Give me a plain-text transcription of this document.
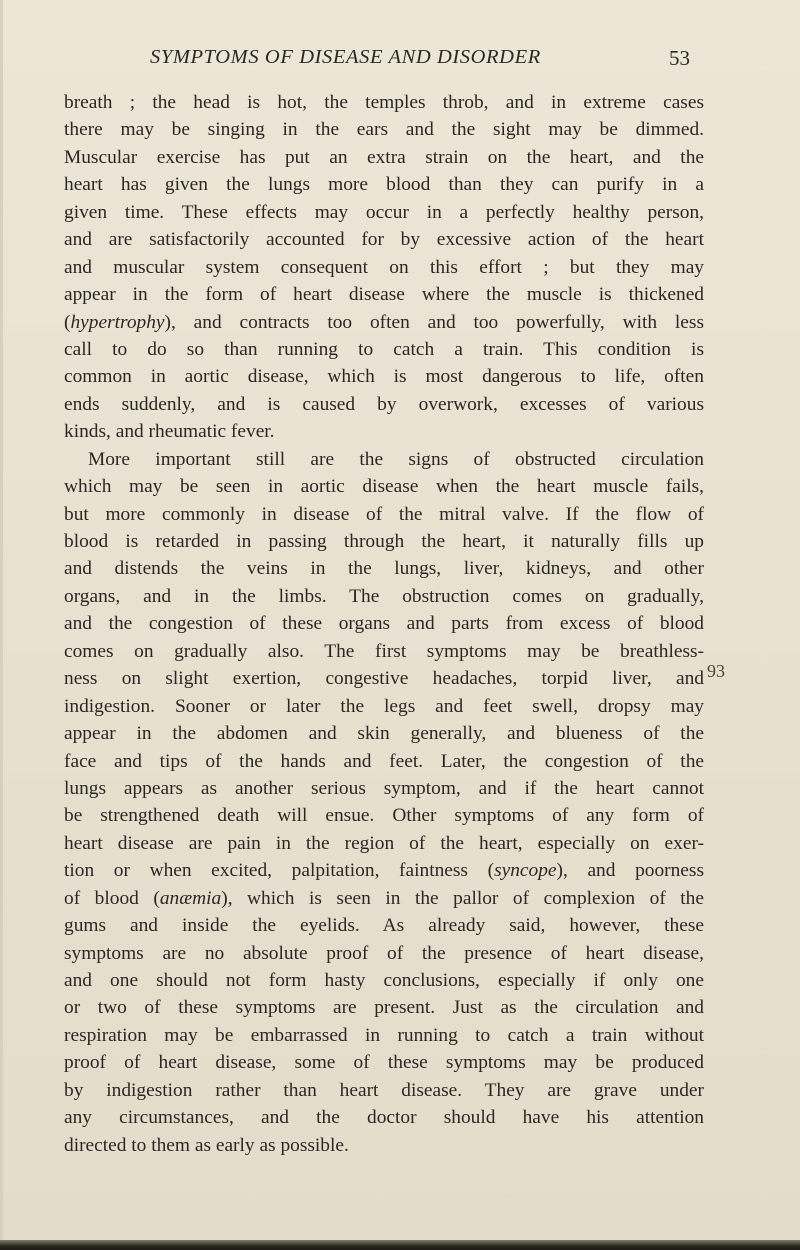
SYMPTOMS OF DISEASE AND DISORDER	53
breath ; the head is hot, the temples throb, and in extreme cases
there may be singing in the ears and the sight may be dimmed.
Muscular exercise has put an extra strain on the heart, and the
heart has given the lungs more blood than they can purify in a
given time. These effects may occur in a perfectly healthy person,
and are satisfactorily accounted for by excessive action of the heart
and muscular system consequent on this effort ; but they may
appear in the form of heart disease where the muscle is thickened
(hypertrophy), and contracts too often and too powerfully, with less
call to do so than running to catch a train. This condition is
common in aortic disease, which is most dangerous to life, often
ends suddenly, and is caused by overwork, excesses of various
kinds, and rheumatic fever.
More important still are the signs of obstructed circulation
which may be seen in aortic disease when the heart muscle fails,
but more commonly in disease of the mitral valve. If the flow of
blood is retarded in passing through the heart, it naturally fills up
and distends the veins in the lungs, liver, kidneys, and other
organs, and in the limbs. The obstruction comes on gradually,
and the congestion of these organs and parts from excess of blood
comes on gradually also. The first symptoms may be breathless-
ness on slight exertion, congestive headaches, torpid liver, and
indigestion. Sooner or later the legs and feet swell, dropsy may
appear in the abdomen and skin generally, and blueness of the
face and tips of the hands and feet. Later, the congestion of the
lungs appears as another serious symptom, and if the heart cannot
be strengthened death will ensue. Other symptoms of any form of
heart disease are pain in the region of the heart, especially on exer-
tion or when excited, palpitation, faintness (syncope), and poorness
of blood (anæmia), which is seen in the pallor of complexion of the
gums and inside the eyelids. As already said, however, these
symptoms are no absolute proof of the presence of heart disease,
and one should not form hasty conclusions, especially if only one
or two of these symptoms are present. Just as the circulation and
respiration may be embarrassed in running to catch a train without
proof of heart disease, some of these symptoms may be produced
by indigestion rather than heart disease. They are grave under
any circumstances, and the doctor should have his attention
directed to them as early as possible.
93
